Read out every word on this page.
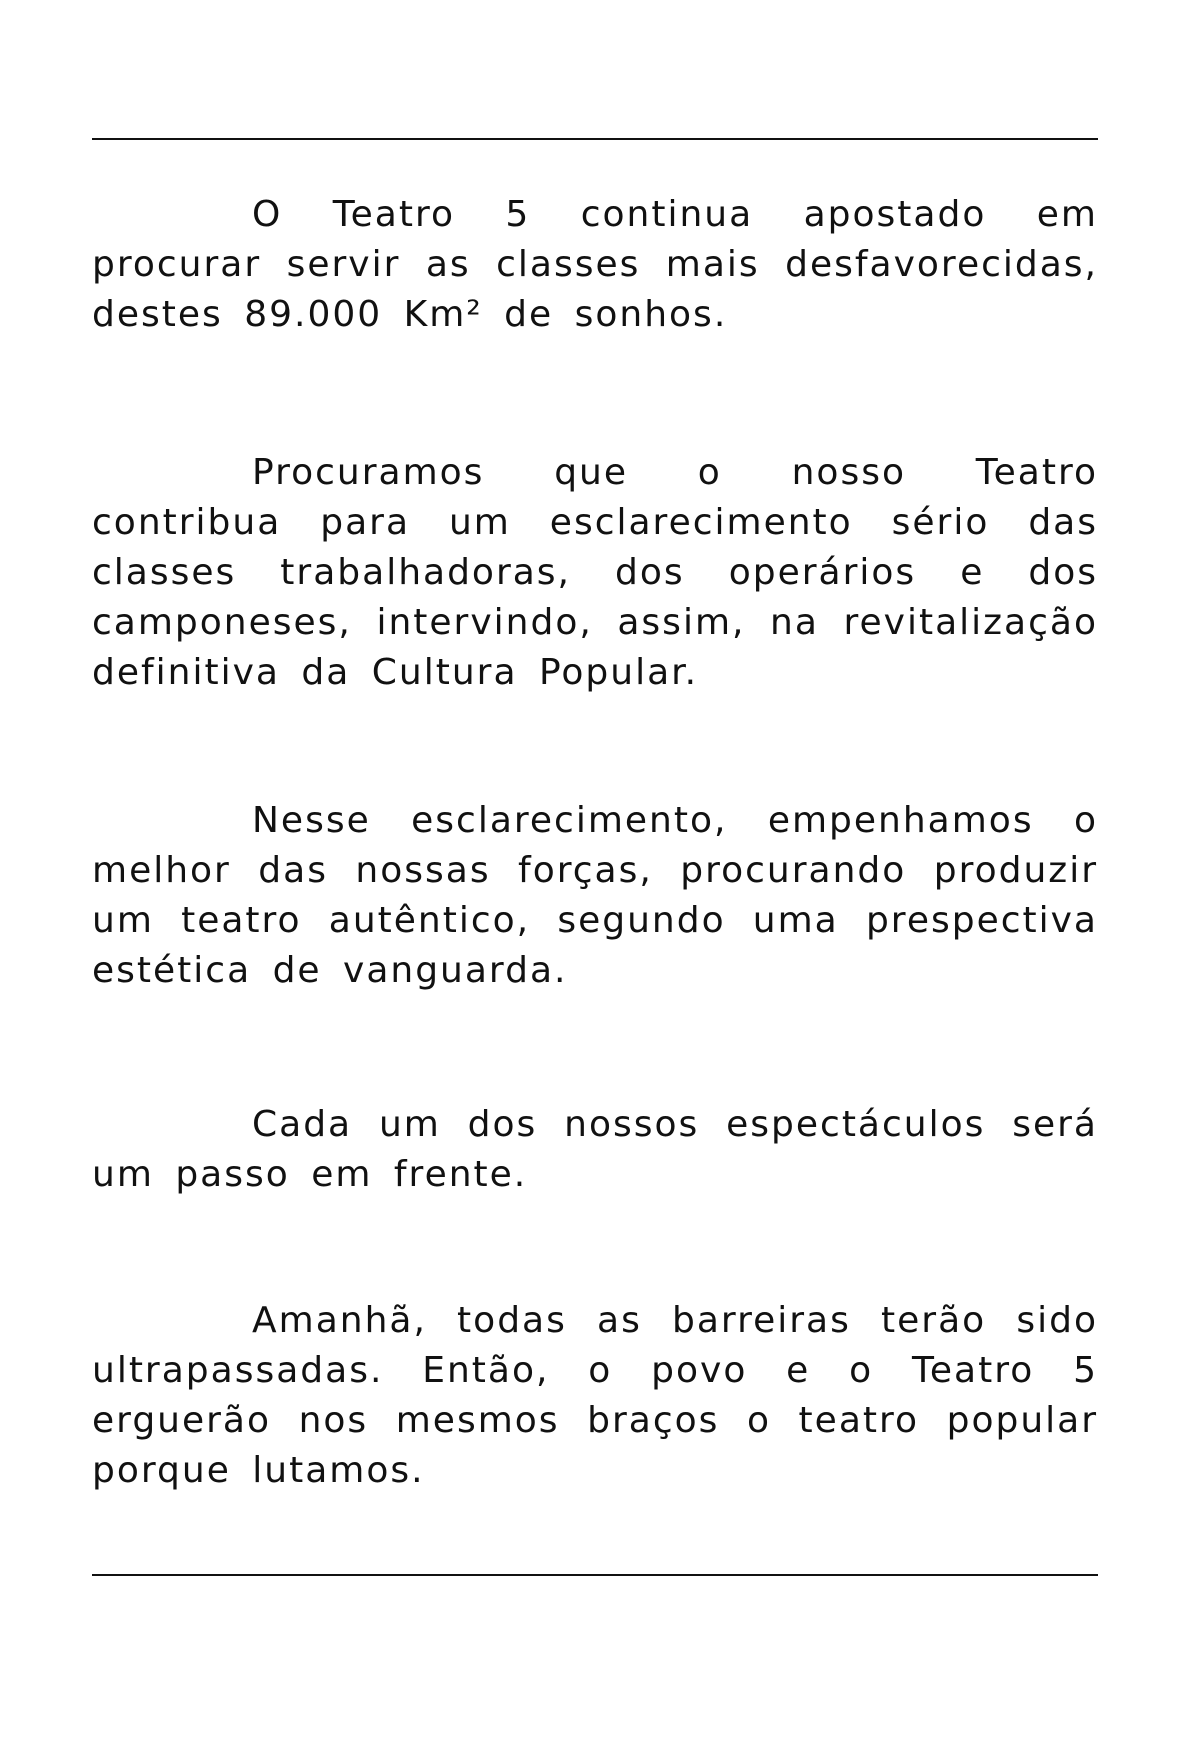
O Teatro 5 continua apostado em procurar servir as classes mais desfavorecidas, destes 89.000 Km² de sonhos.

Procuramos que o nosso Teatro contribua para um esclarecimento sério das classes trabalhadoras, dos operários e dos camponeses, intervindo, assim, na revitalização definitiva da Cultura Popular.

Nesse esclarecimento, empenhamos o melhor das nossas forças, procurando produzir um teatro autêntico, segundo uma prespectiva estética de vanguarda.

Cada um dos nossos espectáculos será um passo em frente.

Amanhã, todas as barreiras terão sido ultrapassadas. Então, o povo e o Teatro 5 erguerão nos mesmos braços o teatro popular porque lutamos.
